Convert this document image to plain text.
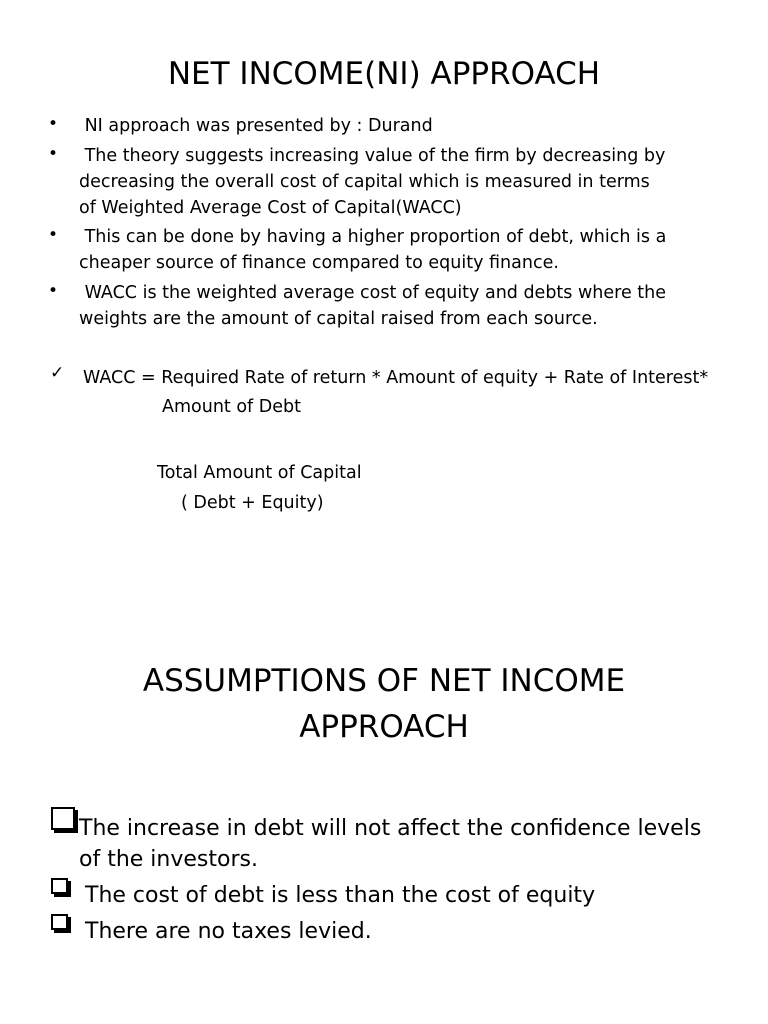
NET INCOME(NI) APPROACH
• NI approach was presented by : Durand
• The theory suggests increasing value of the firm by decreasing by decreasing the overall cost of capital which is measured in terms of Weighted Average Cost of Capital(WACC)
• This can be done by having a higher proportion of debt, which is a cheaper source of finance compared to equity finance.
• WACC is the weighted average cost of equity and debts where the weights are the amount of capital raised from each source.
✓ WACC = Required Rate of return * Amount of equity + Rate of Interest*
Amount of Debt
Total Amount of Capital
( Debt + Equity)
ASSUMPTIONS OF NET INCOME
APPROACH
The increase in debt will not affect the confidence levels of the investors.
The cost of debt is less than the cost of equity
There are no taxes levied.
